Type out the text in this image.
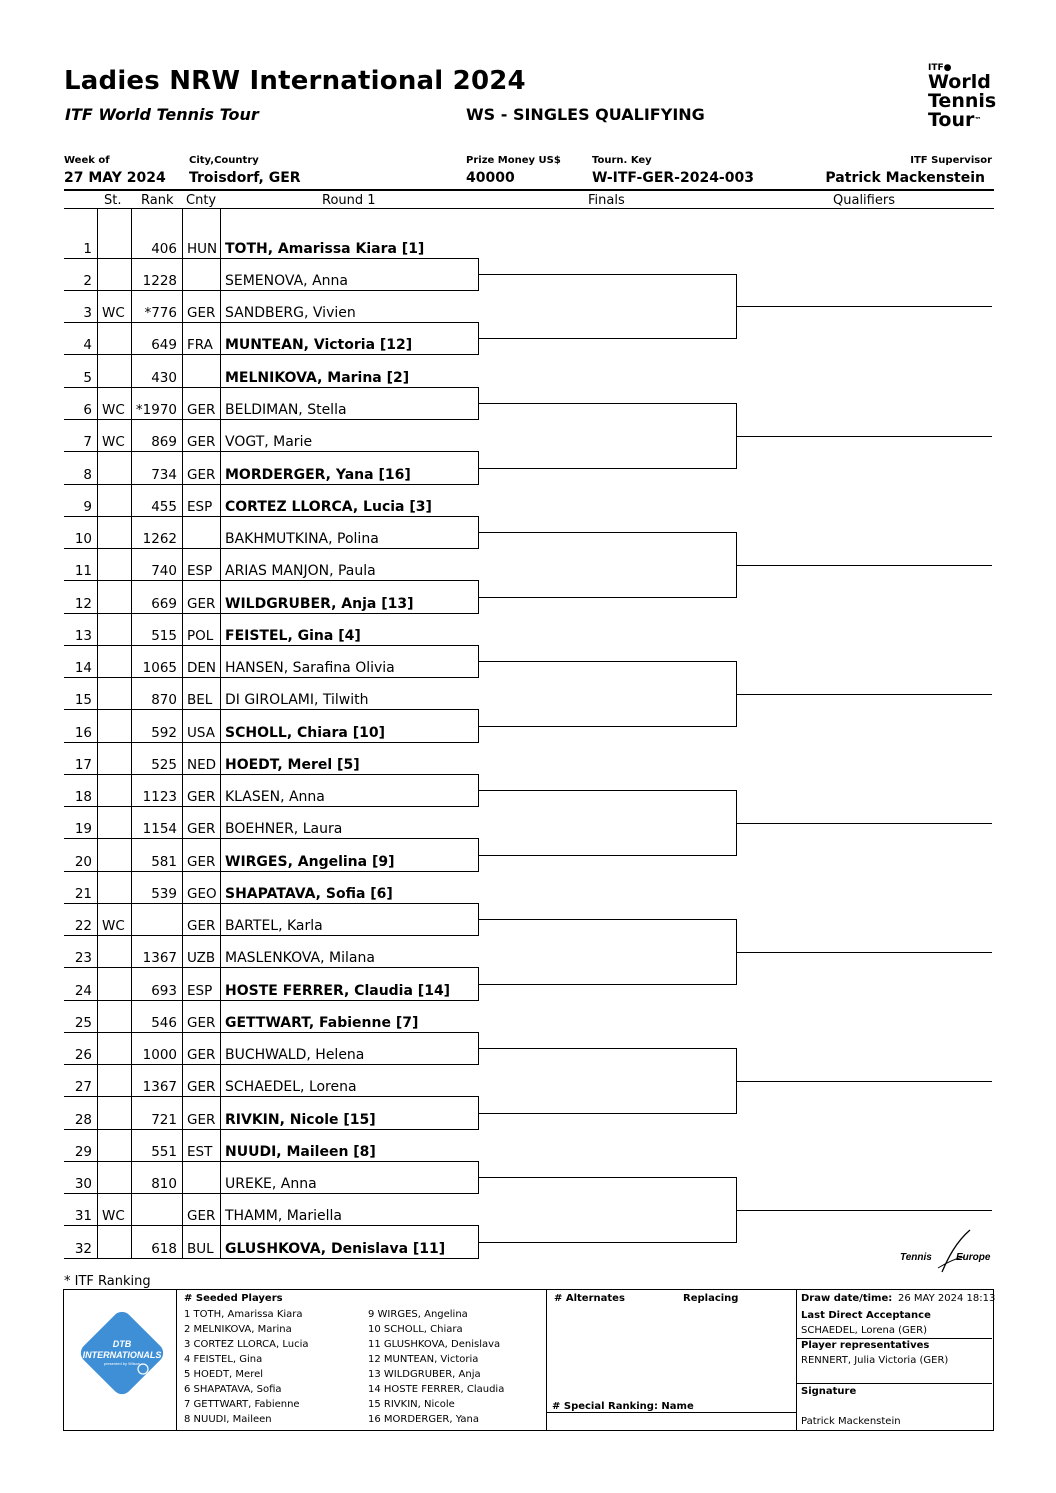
Ladies NRW International 2024
ITF World Tennis Tour	WS - SINGLES QUALIFYING
ITF●
World
Tennis
Tour™
Week of
27 MAY 2024
City,Country
Troisdorf, GER
Prize Money US$
40000
Tourn. Key
W-ITF-GER-2024-003
ITF Supervisor
Patrick Mackenstein
St. Rank Cnty	Round 1	Finals	Qualifiers
1	406 HUN TOTH, Amarissa Kiara [1]
2	1228	SEMENOVA, Anna
3 WC	*776 GER SANDBERG, Vivien
4	649 FRA MUNTEAN, Victoria [12]
5	430	MELNIKOVA, Marina [2]
6 WC *1970 GER BELDIMAN, Stella
7 WC	869 GER VOGT, Marie
8	734 GER MORDERGER, Yana [16]
9	455 ESP CORTEZ LLORCA, Lucia [3]
10	1262	BAKHMUTKINA, Polina
11	740 ESP ARIAS MANJON, Paula
12	669 GER WILDGRUBER, Anja [13]
13	515 POL FEISTEL, Gina [4]
14	1065 DEN HANSEN, Sarafina Olivia
15	870 BEL DI GIROLAMI, Tilwith
16	592 USA SCHOLL, Chiara [10]
17	525 NED HOEDT, Merel [5]
18	1123 GER KLASEN, Anna
19	1154 GER BOEHNER, Laura
20	581 GER WIRGES, Angelina [9]
21	539 GEO SHAPATAVA, Sofia [6]
22 WC	GER BARTEL, Karla
23	1367 UZB MASLENKOVA, Milana
24	693 ESP HOSTE FERRER, Claudia [14]
25	546 GER GETTWART, Fabienne [7]
26	1000 GER BUCHWALD, Helena
27	1367 GER SCHAEDEL, Lorena
28	721 GER RIVKIN, Nicole [15]
29	551 EST NUUDI, Maileen [8]
30	810	UREKE, Anna
31 WC	GER THAMM, Mariella
32	618 BUL GLUSHKOVA, Denislava [11]
Tennis Europe
* ITF Ranking
DTB
INTERNATIONALS
presented by Wilson
# Seeded Players
1 TOTH, Amarissa Kiara
2 MELNIKOVA, Marina
3 CORTEZ LLORCA, Lucia
4 FEISTEL, Gina
5 HOEDT, Merel
6 SHAPATAVA, Sofia
7 GETTWART, Fabienne
8 NUUDI, Maileen
9 WIRGES, Angelina
10 SCHOLL, Chiara
11 GLUSHKOVA, Denislava
12 MUNTEAN, Victoria
13 WILDGRUBER, Anja
14 HOSTE FERRER, Claudia
15 RIVKIN, Nicole
16 MORDERGER, Yana
# Alternates	Replacing
# Special Ranking: Name
Draw date/time: 26 MAY 2024 18:13
Last Direct Acceptance
SCHAEDEL, Lorena (GER)
Player representatives
RENNERT, Julia Victoria (GER)
Signature
Patrick Mackenstein
